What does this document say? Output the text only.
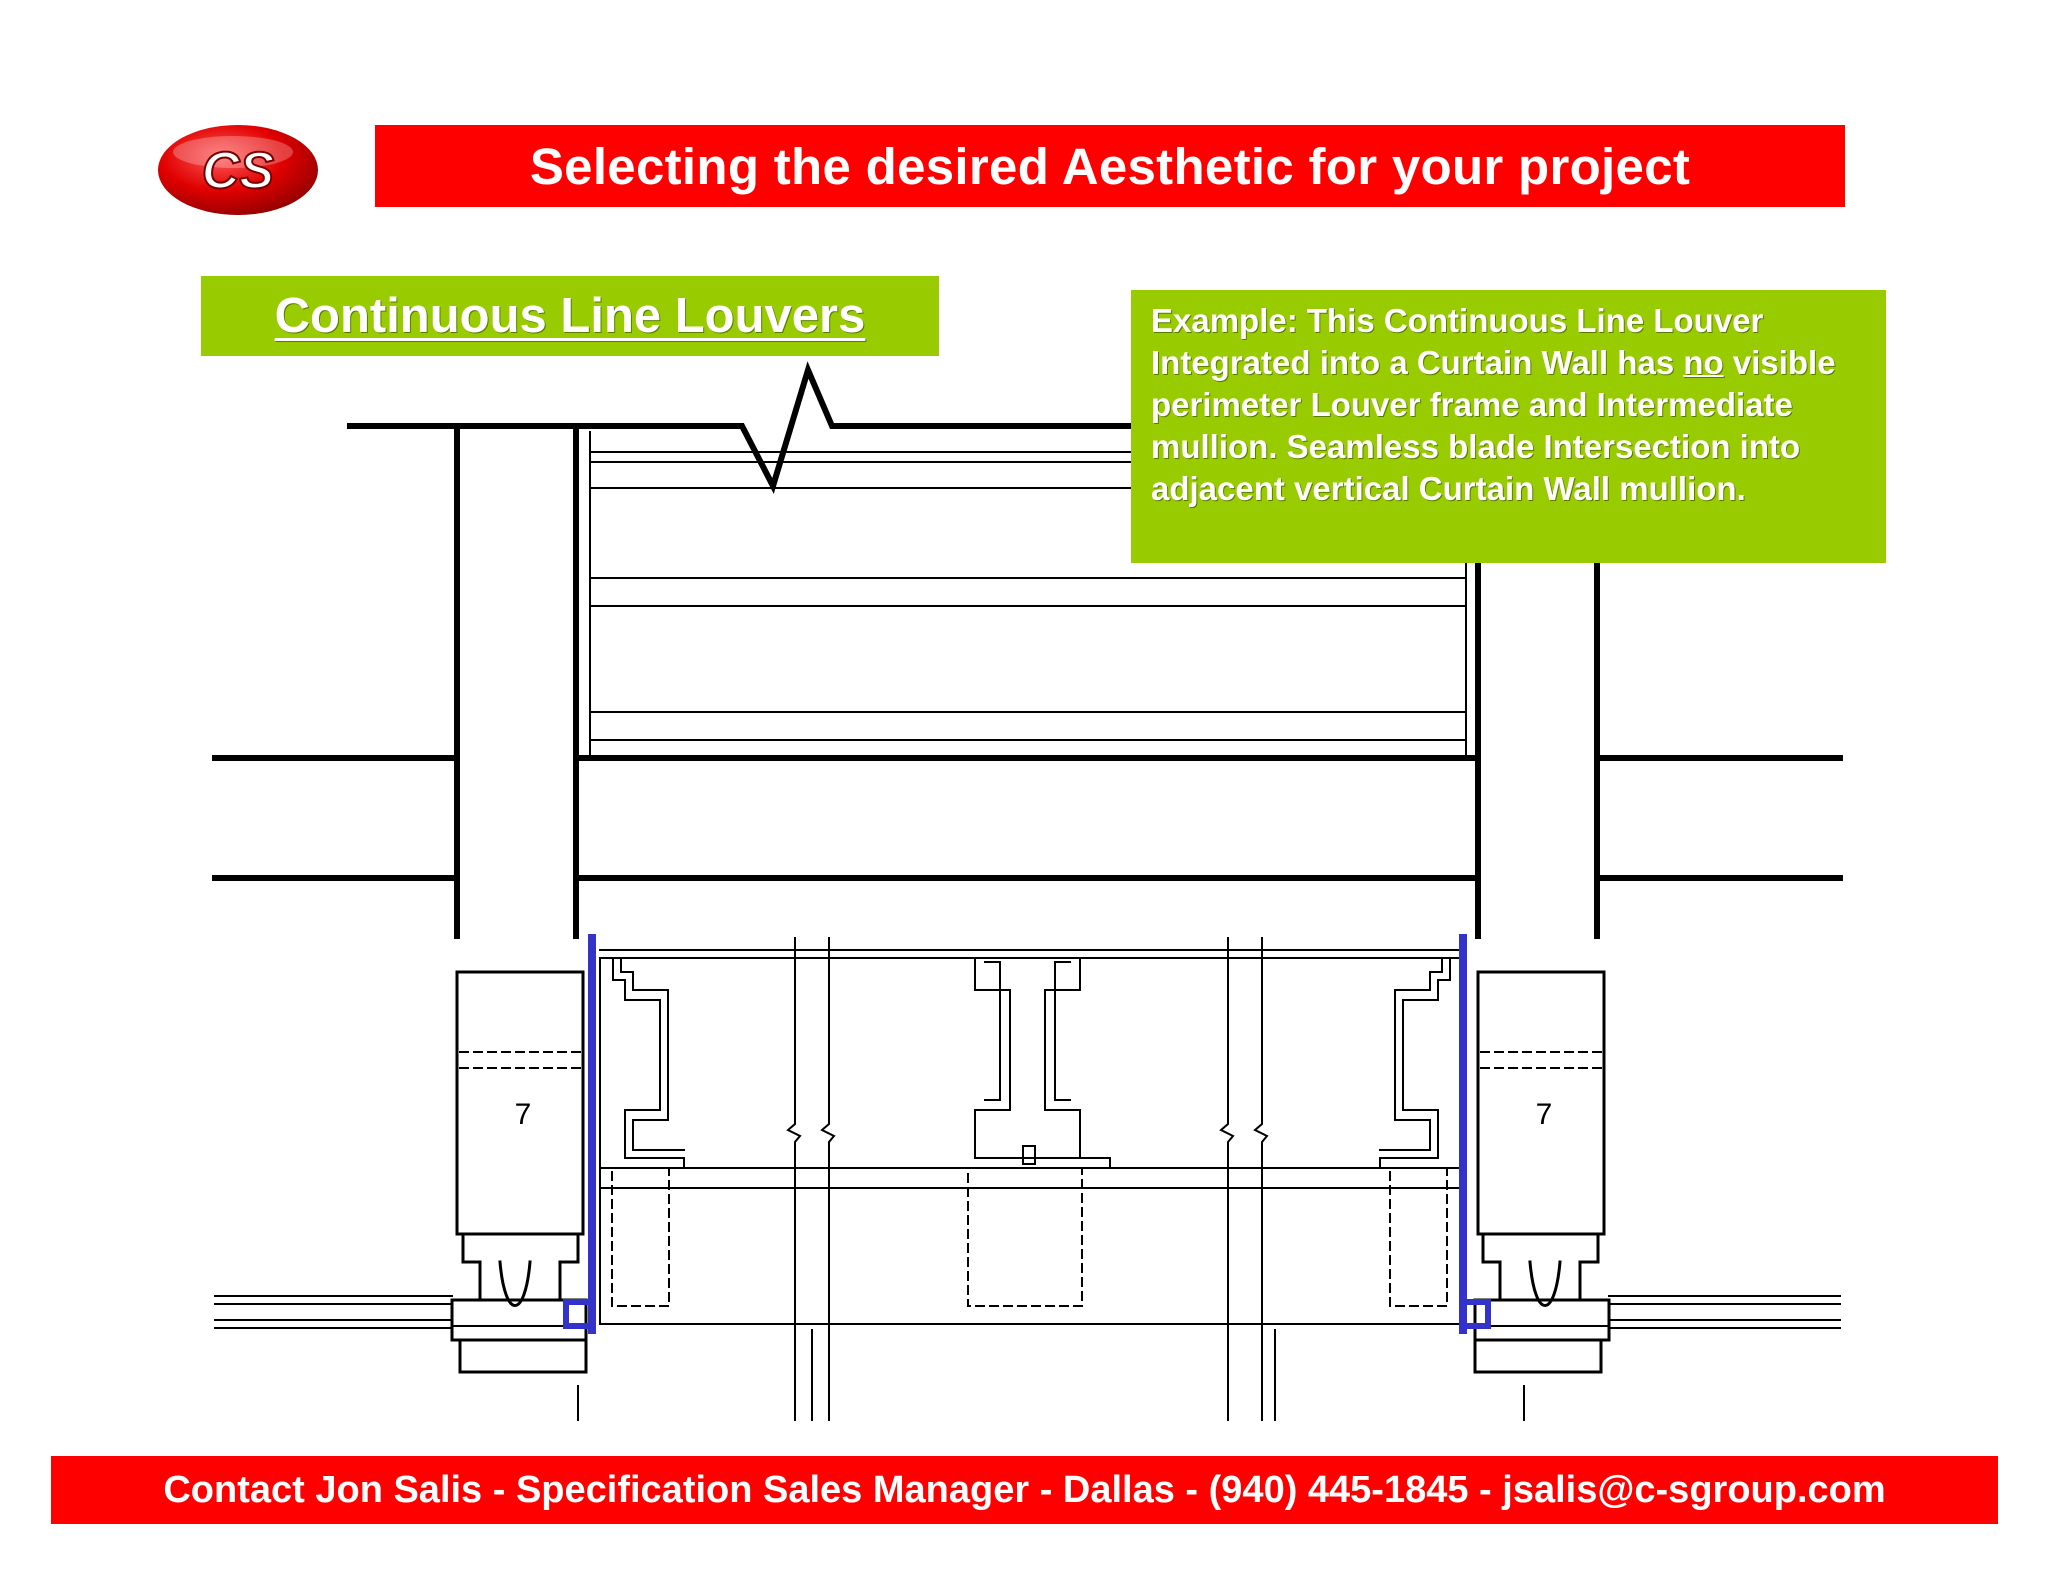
CS	Selecting the desired Aesthetic for your project
7	7
Continuous Line Louvers	Example: This Continuous Line Louver Integrated into a Curtain Wall has no visible perimeter Louver frame and Intermediate mullion. Seamless blade Intersection into adjacent vertical Curtain Wall mullion.

Contact Jon Salis - Specification Sales Manager - Dallas - (940) 445-1845 - jsalis@c-sgroup.com
